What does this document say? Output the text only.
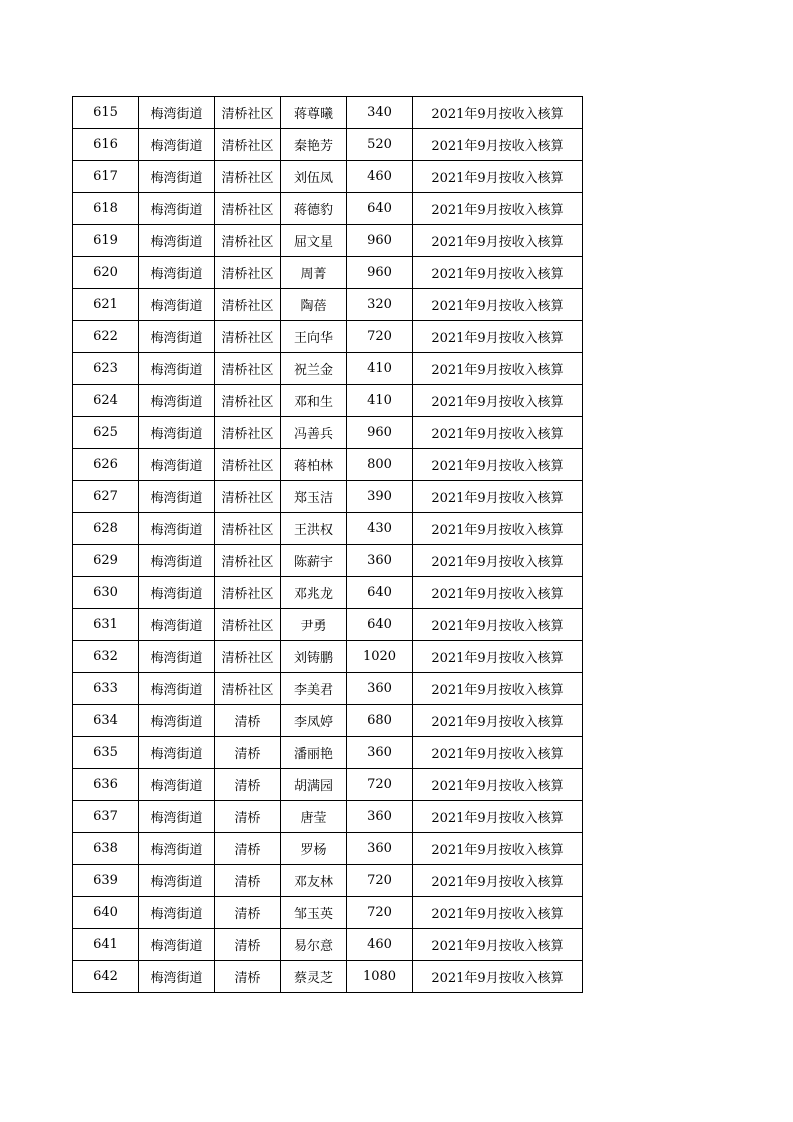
615	梅湾街道	清桥社区	蒋尊曦	340	2021年9月按收入核算
616	梅湾街道	清桥社区	秦艳芳	520	2021年9月按收入核算
617	梅湾街道	清桥社区	刘伍凤	460	2021年9月按收入核算
618	梅湾街道	清桥社区	蒋德豹	640	2021年9月按收入核算
619	梅湾街道	清桥社区	屈文星	960	2021年9月按收入核算
620	梅湾街道	清桥社区	周菁	960	2021年9月按收入核算
621	梅湾街道	清桥社区	陶蓓	320	2021年9月按收入核算
622	梅湾街道	清桥社区	王向华	720	2021年9月按收入核算
623	梅湾街道	清桥社区	祝兰金	410	2021年9月按收入核算
624	梅湾街道	清桥社区	邓和生	410	2021年9月按收入核算
625	梅湾街道	清桥社区	冯善兵	960	2021年9月按收入核算
626	梅湾街道	清桥社区	蒋柏林	800	2021年9月按收入核算
627	梅湾街道	清桥社区	郑玉洁	390	2021年9月按收入核算
628	梅湾街道	清桥社区	王洪权	430	2021年9月按收入核算
629	梅湾街道	清桥社区	陈薪宇	360	2021年9月按收入核算
630	梅湾街道	清桥社区	邓兆龙	640	2021年9月按收入核算
631	梅湾街道	清桥社区	尹勇	640	2021年9月按收入核算
632	梅湾街道	清桥社区	刘铸鹏	1020	2021年9月按收入核算
633	梅湾街道	清桥社区	李美君	360	2021年9月按收入核算
634	梅湾街道	清桥	李凤婷	680	2021年9月按收入核算
635	梅湾街道	清桥	潘丽艳	360	2021年9月按收入核算
636	梅湾街道	清桥	胡满园	720	2021年9月按收入核算
637	梅湾街道	清桥	唐莹	360	2021年9月按收入核算
638	梅湾街道	清桥	罗杨	360	2021年9月按收入核算
639	梅湾街道	清桥	邓友林	720	2021年9月按收入核算
640	梅湾街道	清桥	邹玉英	720	2021年9月按收入核算
641	梅湾街道	清桥	易尔意	460	2021年9月按收入核算
642	梅湾街道	清桥	蔡灵芝	1080	2021年9月按收入核算
